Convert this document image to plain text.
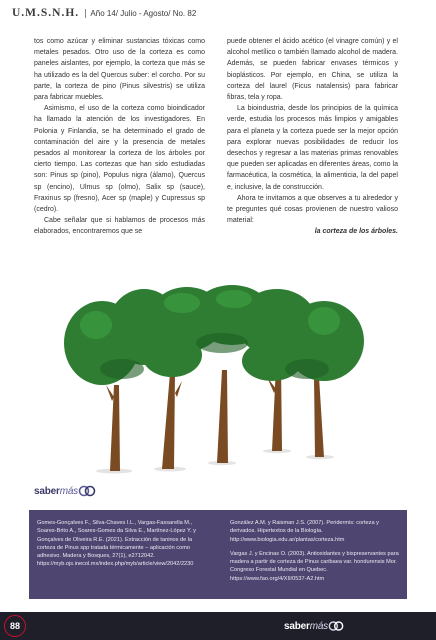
U.M.S.N.H. Año 14/ Julio - Agosto/ No. 82

tos como azúcar y eliminar sustancias tóxicas como metales pesados. Otro uso de la corteza es como paneles aislantes, por ejemplo, la corteza que más se ha utilizado es la del Quercus suber: el corcho. Por su parte, la corteza de pino (Pinus silvestris) se utiliza para fabricar muebles.

Asimismo, el uso de la corteza como bioindicador ha llamado la atención de los investigadores. En Polonia y Finlandia, se ha determinado el grado de contaminación del aire y la presencia de metales pesados al monitorear la corteza de los árboles por cierto tiempo. Las cortezas que han sido estudiadas son: Pinus sp (pino), Populus nigra (álamo), Quercus sp (encino), Ulmus sp (olmo), Salix sp (sauce), Fraxinus sp (fresno), Acer sp (maple) y Cupressus sp (cedro).

Cabe señalar que si hablamos de procesos más elaborados, encontraremos que se

puede obtener el ácido acético (el vinagre común) y el alcohol metílico o también llamado alcohol de madera. Además, se pueden fabricar envases térmicos y bioplásticos. Por ejemplo, en China, se utiliza la corteza del laurel (Ficus natalensis) para fabricar fibras, tela y ropa.

La bioindustria, desde los principios de la química verde, estudia los procesos más limpios y amigables para el planeta y la corteza puede ser la mejor opción para explorar nuevas posibilidades de reducir los desechos y regresar a las materias primas renovables que pueden ser aplicadas en diferentes áreas, como la farmacéutica, la cosmética, la alimenticia, la del papel e, inclusive, la de construcción.

Ahora te invitamos a que observes a tu alrededor y te preguntes qué cosas provienen de nuestro valioso material:

la corteza de los árboles.

sabermás

Gomes-Gonçalves F., Silva-Chaves I.L., Vargas-Fassarella M., Soares-Brito A., Soares-Gomes da Silva E., Martínez-López Y. y Gonçalves de Oliveira R.E. (2021). Extracción de taninos de la corteza de Pinus spp tratada térmicamente – aplicación como adhesivo. Madera y Bosques, 27(1), e2712042. https://myb.ojs.inecol.mx/index.php/myb/article/view/2042/2230

González A.M. y Raisman J.S. (2007). Peridermis: corteza y derivados. Hipertextos de la Biología. http://www.biologia.edu.ar/plantas/corteza.htm

Vargas J. y Encinas O. (2003). Antioxidantes y bispreservantes para madera a partir de corteza de Pinus caribaea var. hondurensis Mor. Congreso Forestal Mundial en Quebec. https://www.fao.org/4/XII/0537-A2.htm

88	sabermás
